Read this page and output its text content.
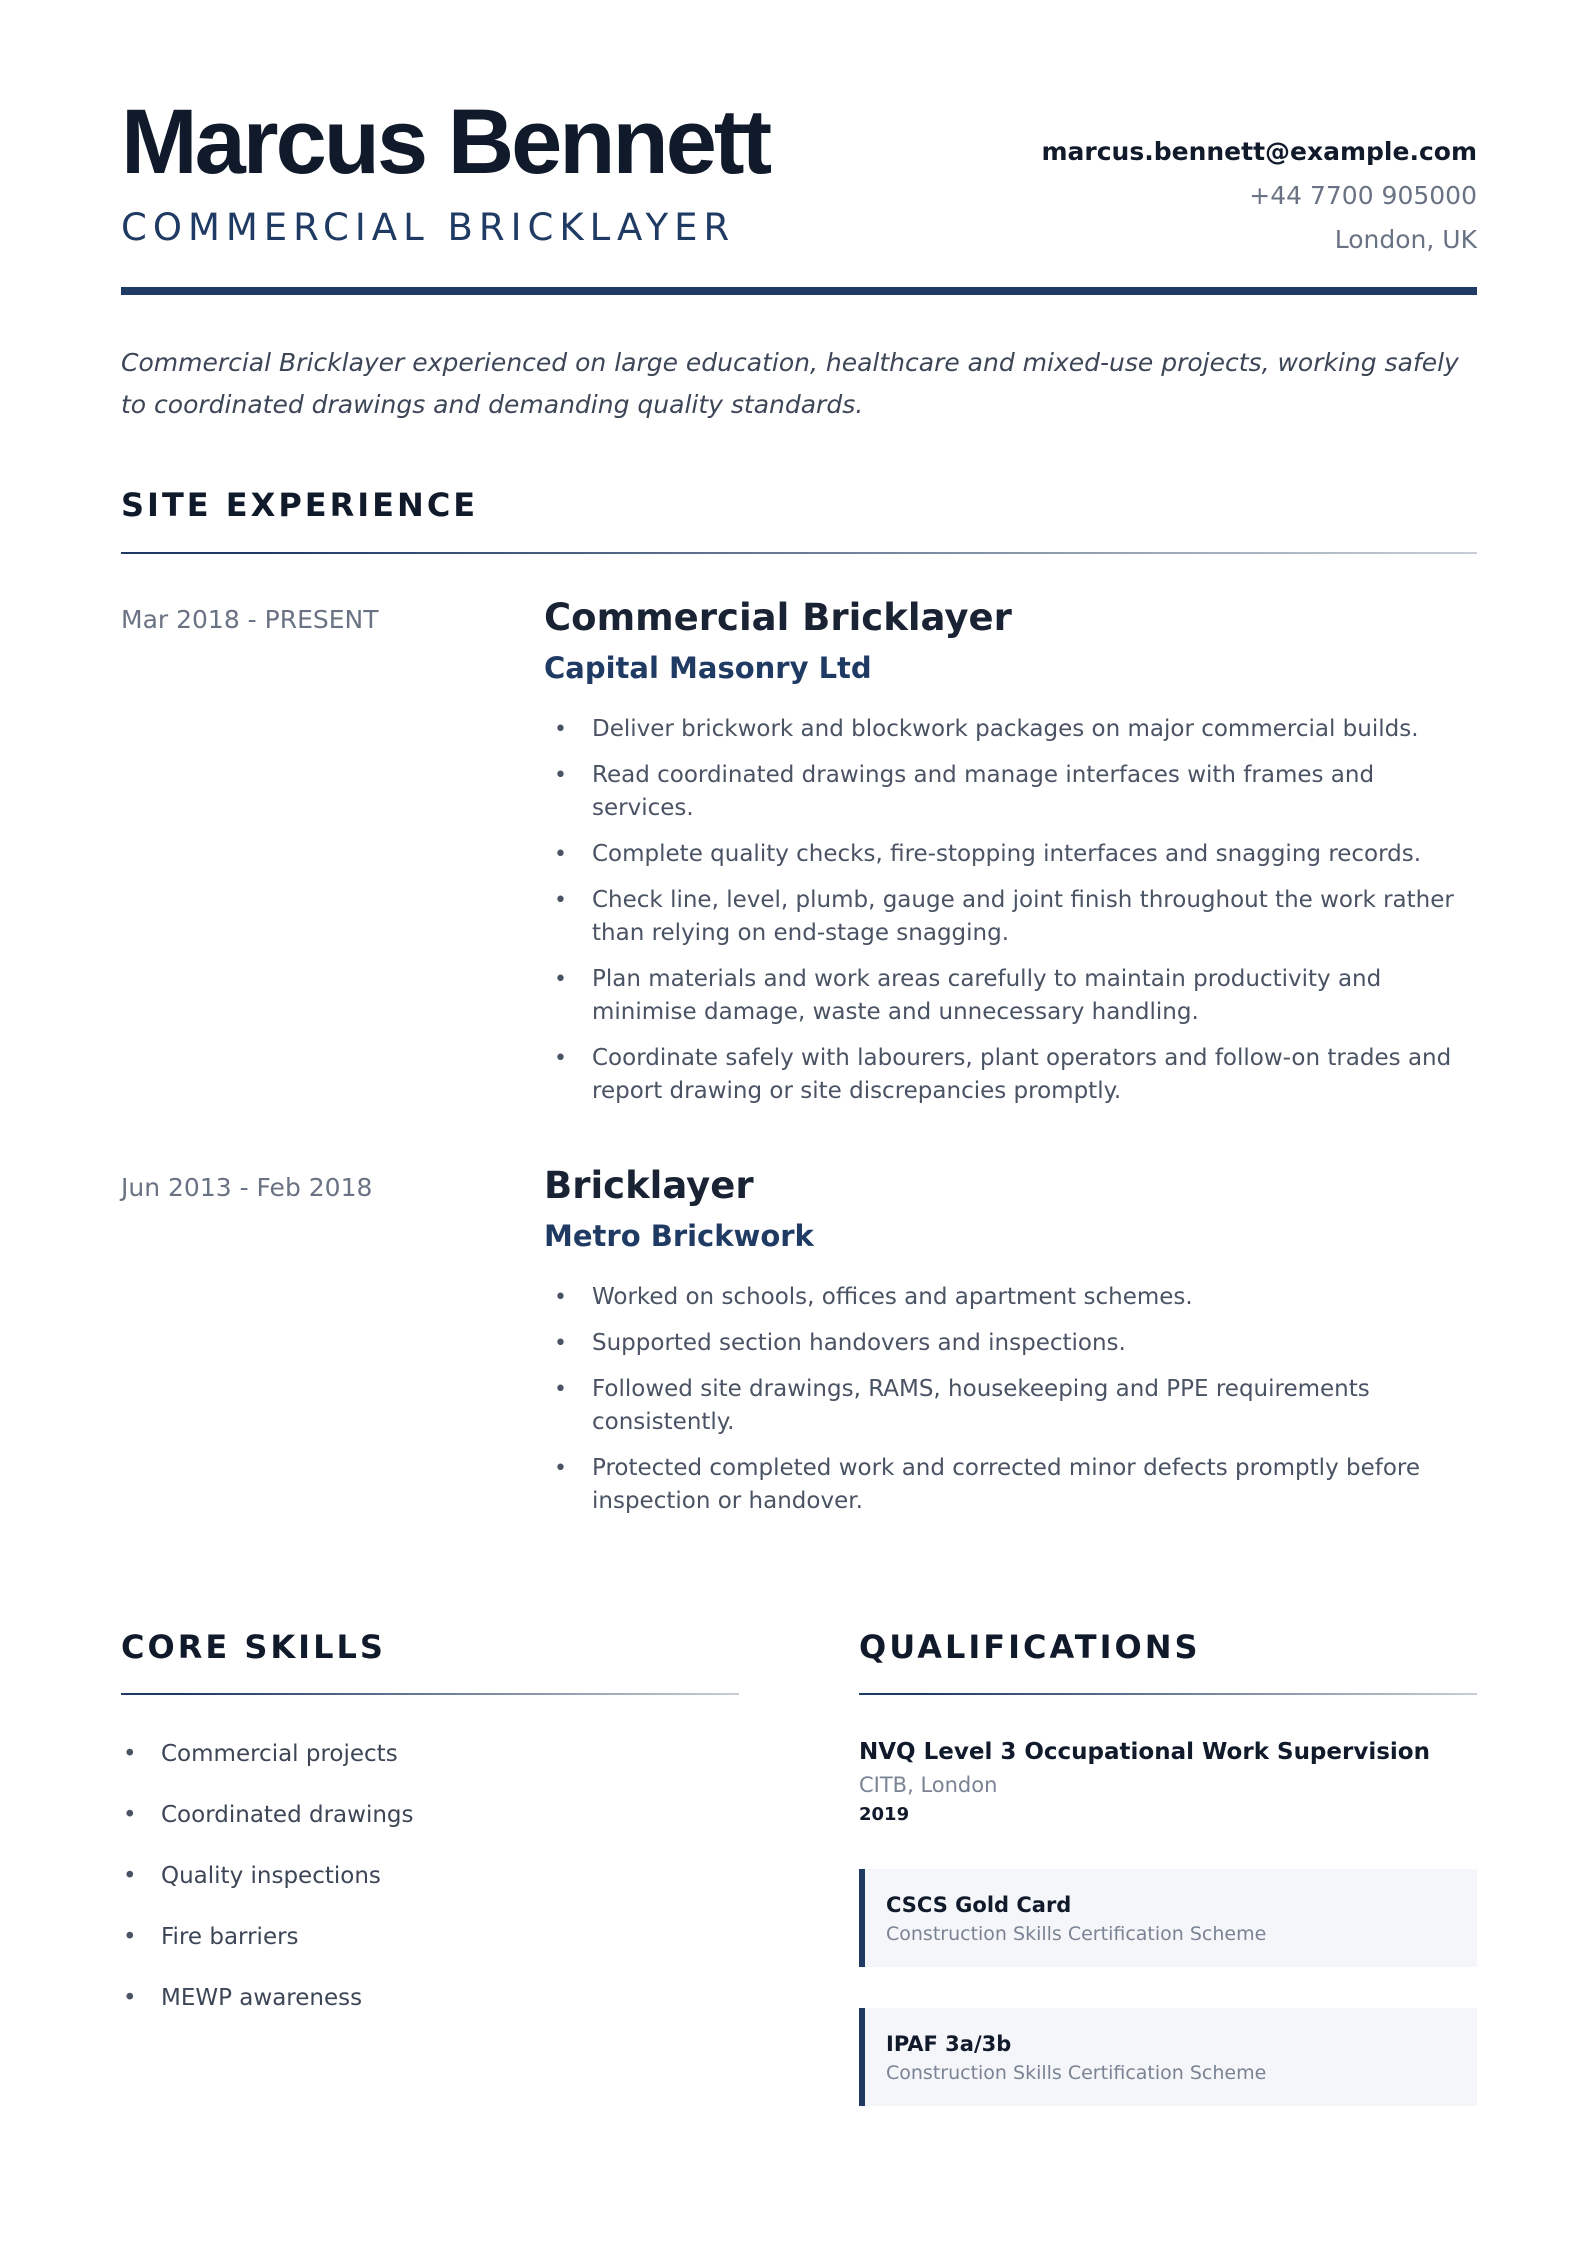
Marcus Bennett
COMMERCIAL BRICKLAYER
marcus.bennett@example.com
+44 7700 905000
London, UK

Commercial Bricklayer experienced on large education, healthcare and mixed-use projects, working safely to coordinated drawings and demanding quality standards.

SITE EXPERIENCE
Mar 2018 - PRESENT	Commercial Bricklayer
Capital Masonry Ltd
• Deliver brickwork and blockwork packages on major commercial builds.
• Read coordinated drawings and manage interfaces with frames and services.
• Complete quality checks, fire-stopping interfaces and snagging records.
• Check line, level, plumb, gauge and joint finish throughout the work rather than relying on end-stage snagging.
• Plan materials and work areas carefully to maintain productivity and minimise damage, waste and unnecessary handling.
• Coordinate safely with labourers, plant operators and follow-on trades and report drawing or site discrepancies promptly.
Jun 2013 - Feb 2018	Bricklayer
Metro Brickwork
• Worked on schools, offices and apartment schemes.
• Supported section handovers and inspections.
• Followed site drawings, RAMS, housekeeping and PPE requirements consistently.
• Protected completed work and corrected minor defects promptly before inspection or handover.
CORE SKILLS
• Commercial projects
• Coordinated drawings
• Quality inspections
• Fire barriers
• MEWP awareness
QUALIFICATIONS
NVQ Level 3 Occupational Work Supervision
CITB, London
2019
CSCS Gold Card
Construction Skills Certification Scheme
IPAF 3a/3b
Construction Skills Certification Scheme
